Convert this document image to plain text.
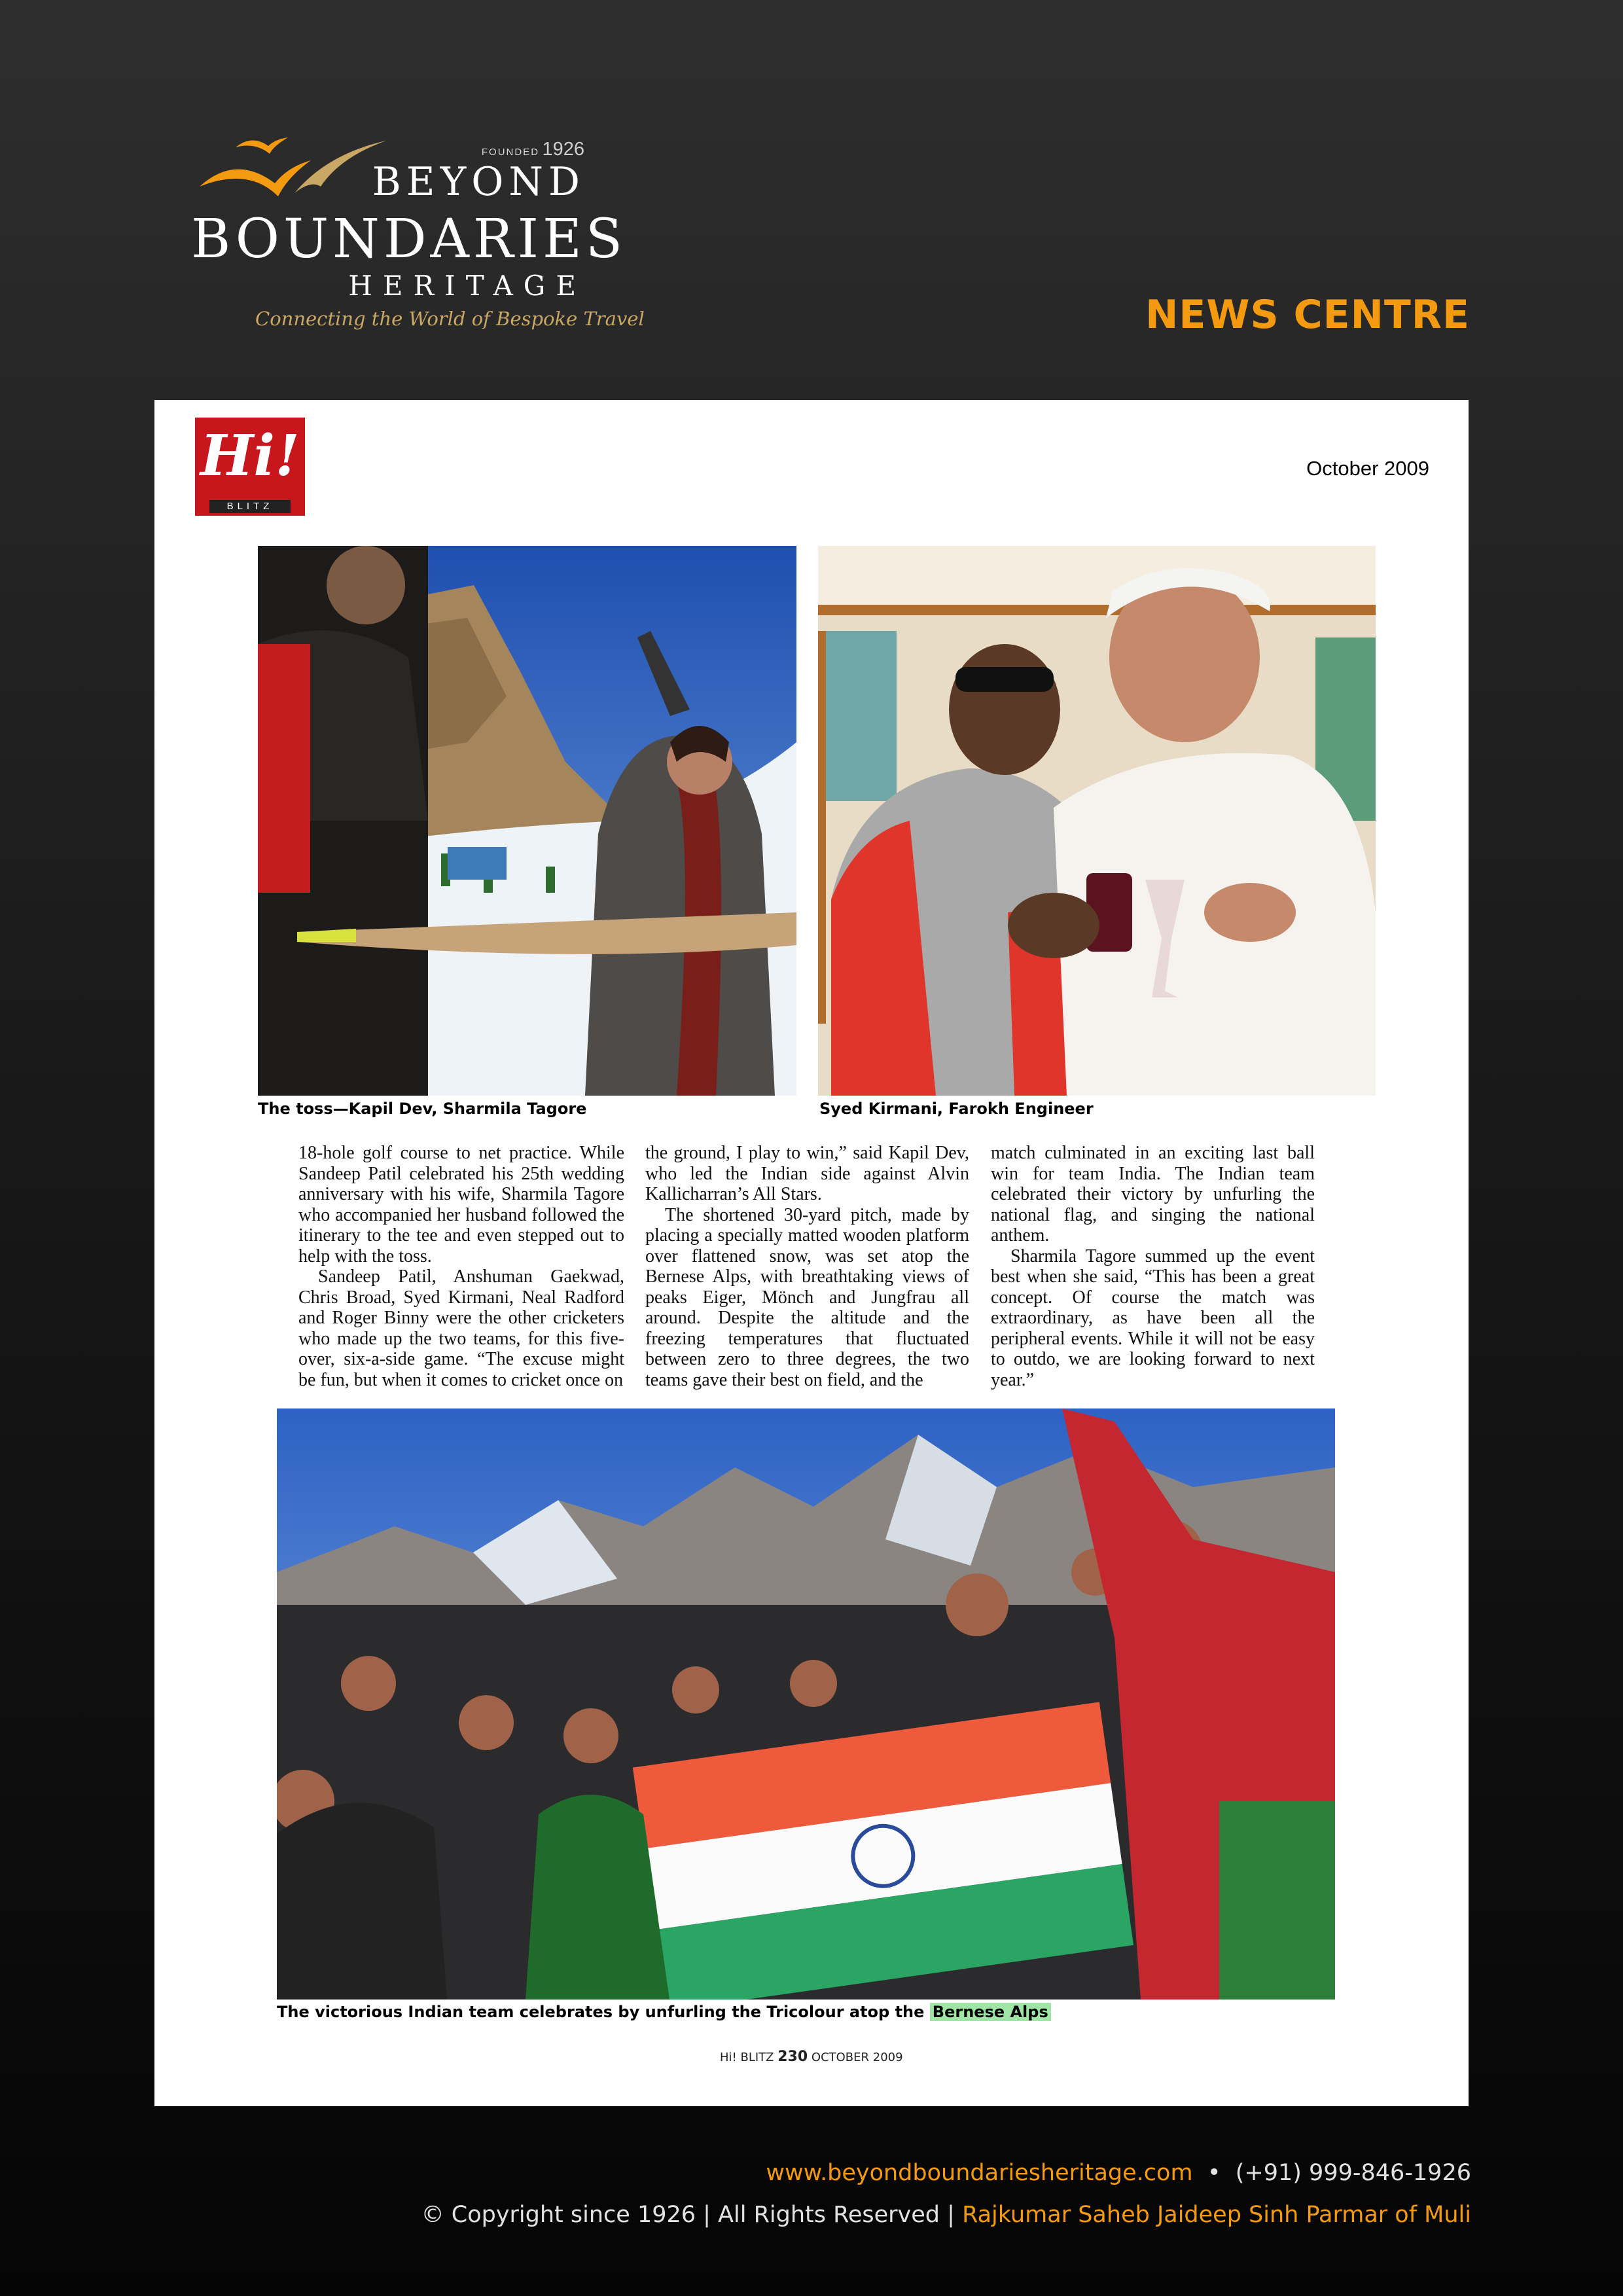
FOUNDED 1926
BEYOND
BOUNDARIES
HERITAGE
Connecting the World of Bespoke Travel	NEWS CENTRE
Hi!
BLITZ
October 2009
The toss—Kapil Dev, Sharmila Tagore	Syed Kirmani, Farokh Engineer

18-hole golf course to net practice. While Sandeep Patil celebrated his 25th wedding anniversary with his wife, Sharmila Tagore who accompanied her husband followed the itinerary to the tee and even stepped out to help with the toss.

Sandeep Patil, Anshuman Gaekwad, Chris Broad, Syed Kirmani, Neal Radford and Roger Binny were the other cricketers who made up the two teams, for this five-over, six-a-side game. “The excuse might be fun, but when it comes to cricket once on

the ground, I play to win,” said Kapil Dev, who led the Indian side against Alvin Kallicharran’s All Stars.

The shortened 30-yard pitch, made by placing a specially matted wooden platform over flattened snow, was set atop the Bernese Alps, with breathtaking views of peaks Eiger, Mönch and Jungfrau all around. Despite the altitude and the freezing temperatures that fluctuated between zero to three degrees, the two teams gave their best on field, and the

match culminated in an exciting last ball win for team India. The Indian team celebrated their victory by unfurling the national flag, and singing the national anthem.

Sharmila Tagore summed up the event best when she said, “This has been a great concept. Of course the match was extraordinary, as have been all the peripheral events. While it will not be easy to outdo, we are looking forward to next year.”

The victorious Indian team celebrates by unfurling the Tricolour atop the Bernese Alps
Hi! BLITZ 230 OCTOBER 2009
www.beyondboundariesheritage.com • (+91) 999-846-1926
© Copyright since 1926 | All Rights Reserved | Rajkumar Saheb Jaideep Sinh Parmar of Muli
